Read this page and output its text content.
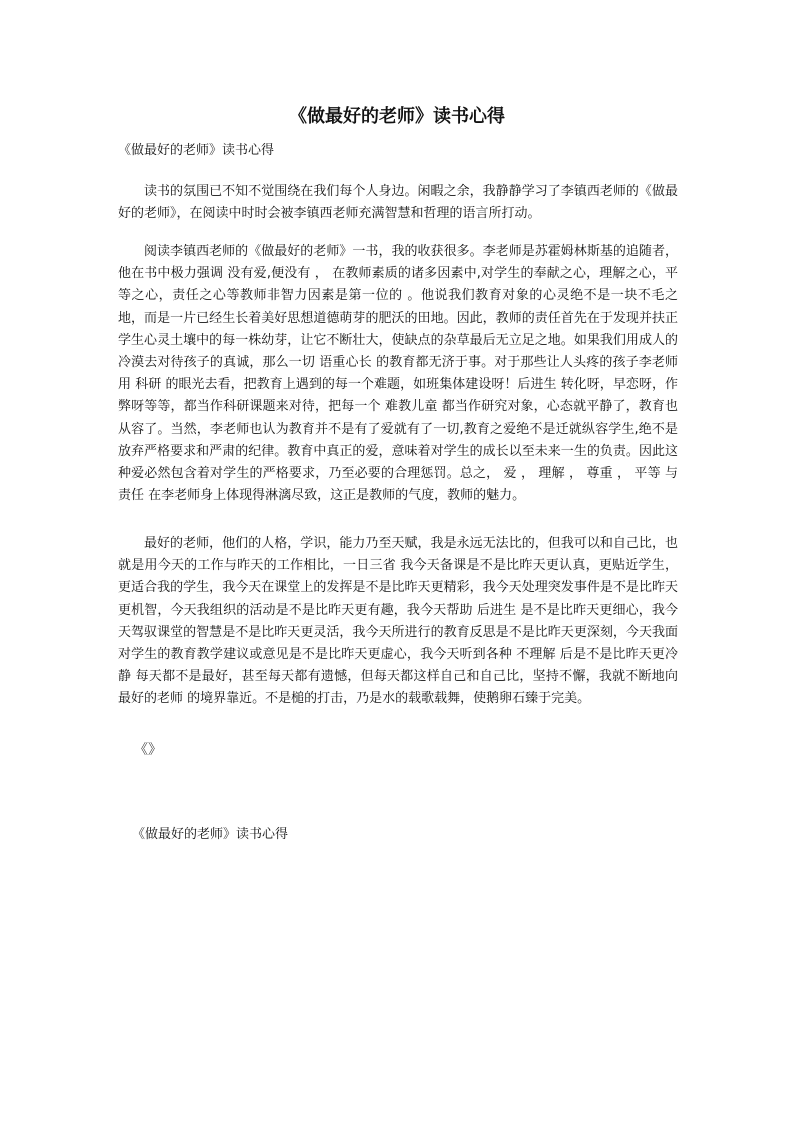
《做最好的老师》读书心得

《做最好的老师》读书心得

读书的氛围已不知不觉围绕在我们每个人身边。闲暇之余，我静静学习了李镇西老师的《做最好的老师》，在阅读中时时会被李镇西老师充满智慧和哲理的语言所打动。

阅读李镇西老师的《做最好的老师》一书，我的收获很多。李老师是苏霍姆林斯基的追随者，他在书中极力强调 没有爱,便没有 ， 在教师素质的诸多因素中,对学生的奉献之心，理解之心，平等之心，责任之心等教师非智力因素是第一位的 。他说我们教育对象的心灵绝不是一块不毛之地，而是一片已经生长着美好思想道德萌芽的肥沃的田地。因此，教师的责任首先在于发现并扶正学生心灵土壤中的每一株幼芽，让它不断壮大，使缺点的杂草最后无立足之地。如果我们用成人的冷漠去对待孩子的真诚，那么一切 语重心长 的教育都无济于事。对于那些让人头疼的孩子李老师用 科研 的眼光去看，把教育上遇到的每一个难题，如班集体建设呀！后进生 转化呀，早恋呀，作弊呀等等，都当作科研课题来对待，把每一个 难教儿童 都当作研究对象，心态就平静了，教育也从容了。当然，李老师也认为教育并不是有了爱就有了一切,教育之爱绝不是迁就纵容学生,绝不是放弃严格要求和严肃的纪律。教育中真正的爱，意味着对学生的成长以至未来一生的负责。因此这种爱必然包含着对学生的严格要求，乃至必要的合理惩罚。总之， 爱 ， 理解 ， 尊重 ， 平等 与 责任 在李老师身上体现得淋漓尽致，这正是教师的气度，教师的魅力。

最好的老师，他们的人格，学识，能力乃至天赋，我是永远无法比的，但我可以和自己比，也就是用今天的工作与昨天的工作相比，一日三省 我今天备课是不是比昨天更认真，更贴近学生，更适合我的学生，我今天在课堂上的发挥是不是比昨天更精彩，我今天处理突发事件是不是比昨天更机智，今天我组织的活动是不是比昨天更有趣，我今天帮助 后进生 是不是比昨天更细心，我今天驾驭课堂的智慧是不是比昨天更灵活，我今天所进行的教育反思是不是比昨天更深刻，今天我面对学生的教育教学建议或意见是不是比昨天更虚心，我今天听到各种 不理解 后是不是比昨天更冷静 每天都不是最好，甚至每天都有遗憾，但每天都这样自己和自己比，坚持不懈，我就不断地向 最好的老师 的境界靠近。不是槌的打击，乃是水的载歌载舞，使鹅卵石臻于完美。

《》

《做最好的老师》读书心得
